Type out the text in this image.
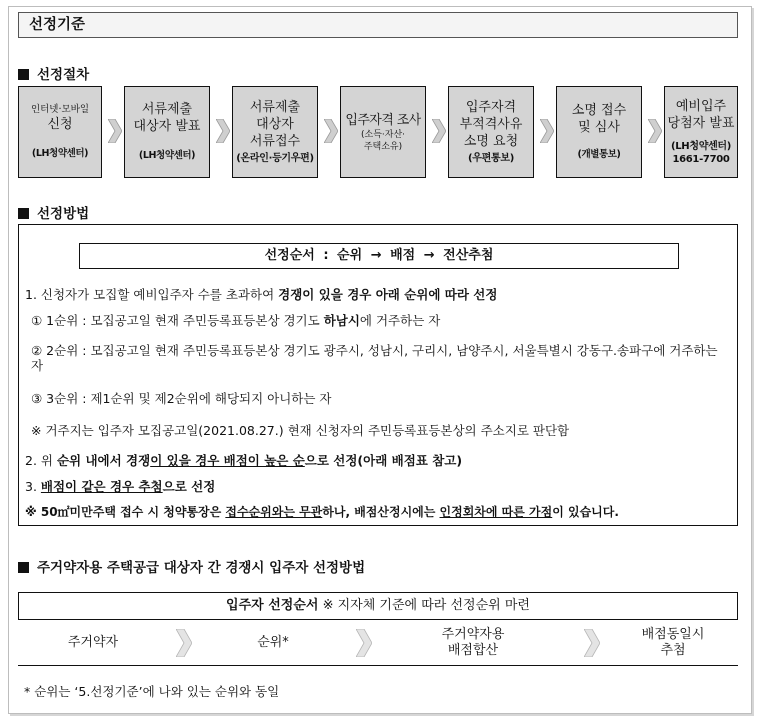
선정기준
선정절차
인터넷·모바일
신청
(LH청약센터)
서류제출
대상자 발표
(LH청약센터)
서류제출
대상자
서류접수
(온라인·등기우편)
입주자격 조사
(소득·자산·
주택소유)
입주자격
부적격사유
소명 요청
(우편통보)
소명 접수
및 심사
(개별통보)
예비입주
당첨자 발표
(LH청약센터)
1661-7700
선정방법
선정순서 : 순위 → 배점 → 전산추첨
1. 신청자가 모집할 예비입주자 수를 초과하여 경쟁이 있을 경우 아래 순위에 따라 선정
① 1순위 : 모집공고일 현재 주민등록표등본상 경기도 하남시에 거주하는 자
② 2순위 : 모집공고일 현재 주민등록표등본상 경기도 광주시, 성남시, 구리시, 남양주시, 서울특별시 강동구.송파구에 거주하는 자
③ 3순위 : 제1순위 및 제2순위에 해당되지 아니하는 자
※ 거주지는 입주자 모집공고일(2021.08.27.) 현재 신청자의 주민등록표등본상의 주소지로 판단함
2. 위 순위 내에서 경쟁이 있을 경우 배점이 높은 순으로 선정(아래 배점표 참고)
3. 배점이 같은 경우 추첨으로 선정
※ 50㎡미만주택 접수 시 청약통장은 접수순위와는 무관하나, 배점산정시에는 인정회차에 따른 가점이 있습니다.
주거약자용 주택공급 대상자 간 경쟁시 입주자 선정방법
입주자 선정순서 ※ 지자체 기준에 따라 선정순위 마련
주거약자	순위*
주거약자용
배점합산
배점동일시
추첨
* 순위는 ‘5.선정기준’에 나와 있는 순위와 동일
